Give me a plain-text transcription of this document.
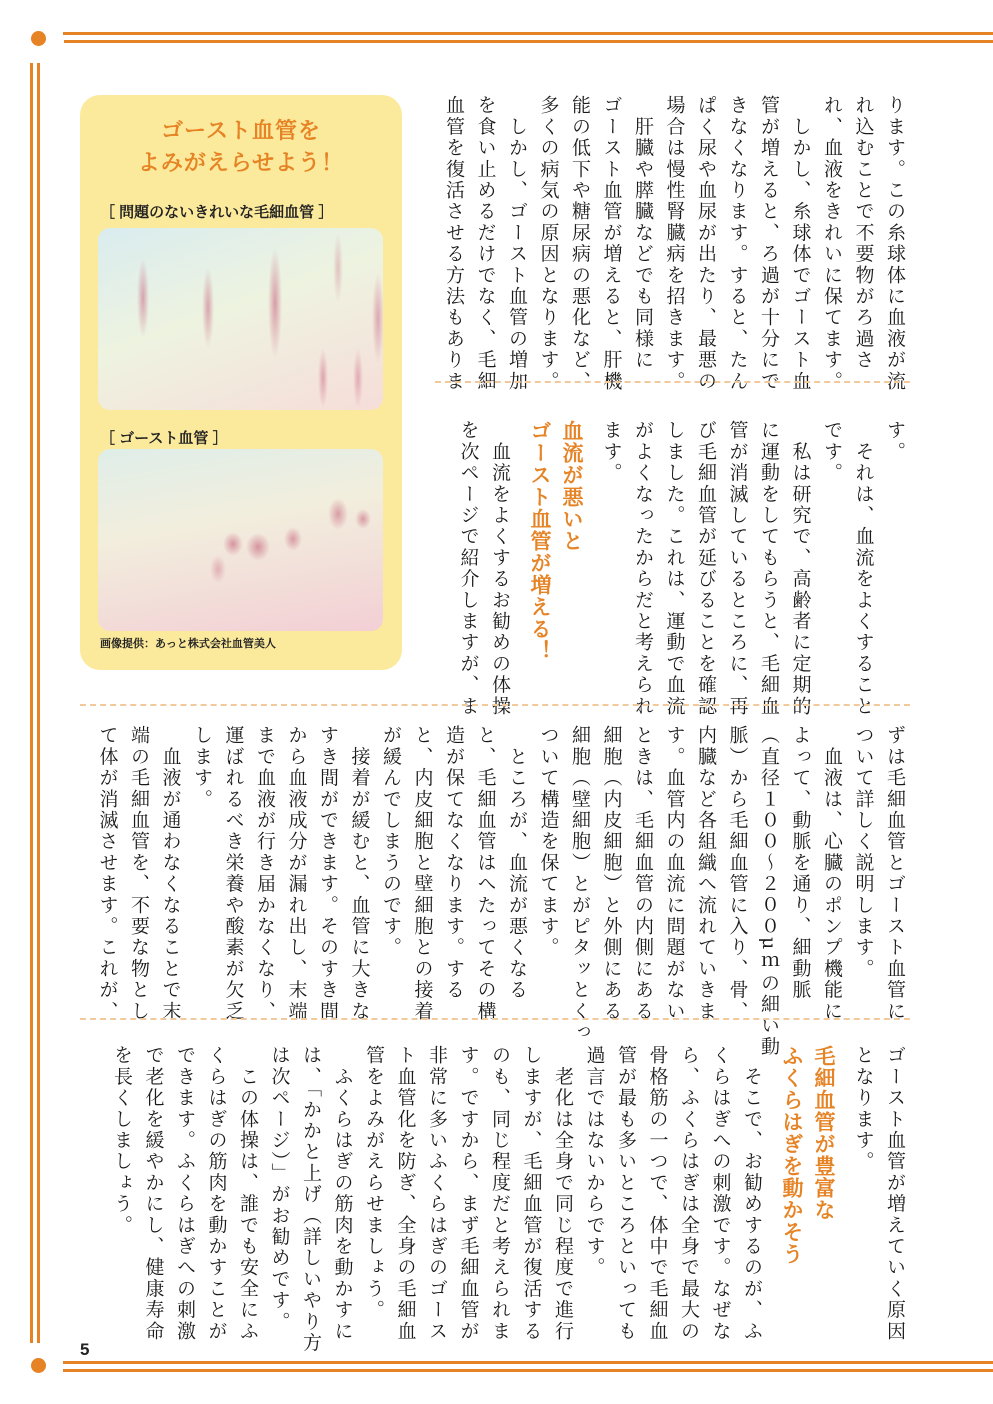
5
ゴースト血管を
よみがえらせよう！
［ 問題のないきれいな毛細血管 ］
［ ゴースト血管 ］
画像提供：あっと株式会社血管美人

ります。この糸球体に血液が流

れ込むことで不要物がろ過さ

れ、血液をきれいに保てます。

　しかし、糸球体でゴースト血

管が増えると、ろ過が十分にで

きなくなります。すると、たん

ぱく尿や血尿が出たり、最悪の

場合は慢性腎臓病を招きます。

　肝臓や膵臓などでも同様に

ゴースト血管が増えると、肝機

能の低下や糖尿病の悪化など、

多くの病気の原因となります。

　しかし、ゴースト血管の増加

を食い止めるだけでなく、毛細

血管を復活させる方法もありま

す。

　それは、血流をよくすること

です。

　私は研究で、高齢者に定期的

に運動をしてもらうと、毛細血

管が消滅しているところに、再

び毛細血管が延びることを確認

しました。これは、運動で血流

がよくなったからだと考えられ

ます。

血流が悪いと
ゴースト血管が増える！

　血流をよくするお勧めの体操

を次ページで紹介しますが、ま

ずは毛細血管とゴースト血管に

ついて詳しく説明します。

　血液は、心臓のポンプ機能に

よって、動脈を通り、細動脈

（直径１００〜２００μｍの細い動

脈）から毛細血管に入り、骨、

内臓など各組織へ流れていきま

す。血管内の血流に問題がない

ときは、毛細血管の内側にある

細胞（内皮細胞）と外側にある

細胞（壁細胞）とがピタッとくっ

ついて構造を保てます。

　ところが、血流が悪くなる

と、毛細血管はへたってその構

造が保てなくなります。する

と、内皮細胞と壁細胞との接着

が緩んでしまうのです。

　接着が緩むと、血管に大きな

すき間ができます。そのすき間

から血液成分が漏れ出し、末端

まで血液が行き届かなくなり、

運ばれるべき栄養や酸素が欠乏

します。

　血液が通わなくなることで末

端の毛細血管を、不要な物とし

て体が消滅させます。これが、

ゴースト血管が増えていく原因

となります。

毛細血管が豊富な
ふくらはぎを動かそう

　そこで、お勧めするのが、ふ

くらはぎへの刺激です。なぜな

ら、ふくらはぎは全身で最大の

骨格筋の一つで、体中で毛細血

管が最も多いところといっても

過言ではないからです。

　老化は全身で同じ程度で進行

しますが、毛細血管が復活する

のも、同じ程度だと考えられま

す。ですから、まず毛細血管が

非常に多いふくらはぎのゴース

ト血管化を防ぎ、全身の毛細血

管をよみがえらせましょう。

　ふくらはぎの筋肉を動かすに

は、「かかと上げ（詳しいやり方

は次ページ）」がお勧めです。

　この体操は、誰でも安全にふ

くらはぎの筋肉を動かすことが

できます。ふくらはぎへの刺激

で老化を緩やかにし、健康寿命

を長くしましょう。
